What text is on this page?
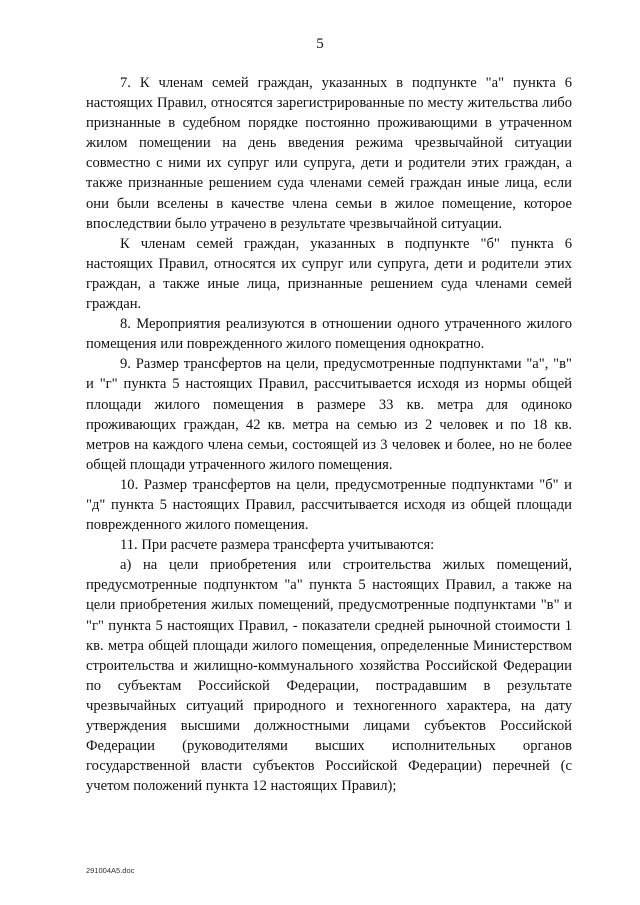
5

7. К членам семей граждан, указанных в подпункте "а" пункта 6 настоящих Правил, относятся зарегистрированные по месту жительства либо признанные в судебном порядке постоянно проживающими в утраченном жилом помещении на день введения режима чрезвычайной ситуации совместно с ними их супруг или супруга, дети и родители этих граждан, а также признанные решением суда членами семей граждан иные лица, если они были вселены в качестве члена семьи в жилое помещение, которое впоследствии было утрачено в результате чрезвычайной ситуации.

К членам семей граждан, указанных в подпункте "б" пункта 6 настоящих Правил, относятся их супруг или супруга, дети и родители этих граждан, а также иные лица, признанные решением суда членами семей граждан.

8. Мероприятия реализуются в отношении одного утраченного жилого помещения или поврежденного жилого помещения однократно.

9. Размер трансфертов на цели, предусмотренные подпунктами "а", "в" и "г" пункта 5 настоящих Правил, рассчитывается исходя из нормы общей площади жилого помещения в размере 33 кв. метра для одиноко проживающих граждан, 42 кв. метра на семью из 2 человек и по 18 кв. метров на каждого члена семьи, состоящей из 3 человек и более, но не более общей площади утраченного жилого помещения.

10. Размер трансфертов на цели, предусмотренные подпунктами "б" и "д" пункта 5 настоящих Правил, рассчитывается исходя из общей площади поврежденного жилого помещения.

11. При расчете размера трансферта учитываются:

а) на цели приобретения или строительства жилых помещений, предусмотренные подпунктом "а" пункта 5 настоящих Правил, а также на цели приобретения жилых помещений, предусмотренные подпунктами "в" и "г" пункта 5 настоящих Правил, - показатели средней рыночной стоимости 1 кв. метра общей площади жилого помещения, определенные Министерством строительства и жилищно-коммунального хозяйства Российской Федерации по субъектам Российской Федерации, пострадавшим в результате чрезвычайных ситуаций природного и техногенного характера, на дату утверждения высшими должностными лицами субъектов Российской Федерации (руководителями высших исполнительных органов государственной власти субъектов Российской Федерации) перечней (с учетом положений пункта 12 настоящих Правил);

291004A5.doc
